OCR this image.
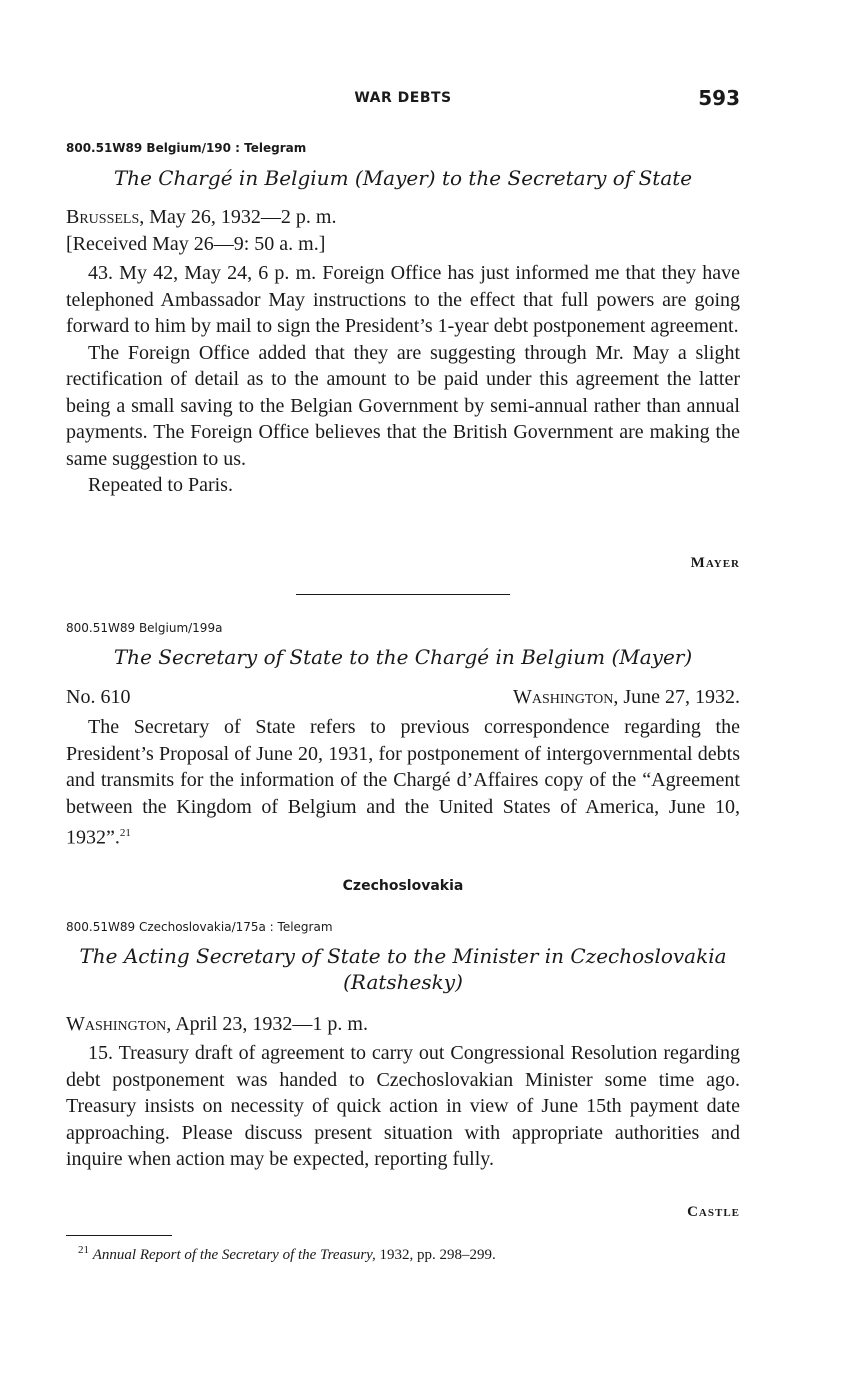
WAR DEBTS	593
800.51W89 Belgium/190 : Telegram
The Chargé in Belgium (Mayer) to the Secretary of State
Brussels, May 26, 1932—2 p. m.
[Received May 26—9: 50 a. m.]

43. My 42, May 24, 6 p. m. Foreign Office has just informed me that they have telephoned Ambassador May instructions to the effect that full powers are going forward to him by mail to sign the President’s 1-year debt postponement agreement.

The Foreign Office added that they are suggesting through Mr. May a slight rectification of detail as to the amount to be paid under this agreement the latter being a small saving to the Belgian Government by semi-annual rather than annual payments. The Foreign Office believes that the British Government are making the same suggestion to us.

Repeated to Paris.

Mayer
800.51W89 Belgium/199a
The Secretary of State to the Chargé in Belgium (Mayer)
No. 610	Washington, June 27, 1932.

The Secretary of State refers to previous correspondence regarding the President’s Proposal of June 20, 1931, for postponement of intergovernmental debts and transmits for the information of the Chargé d’Affaires copy of the “Agreement between the Kingdom of Belgium and the United States of America, June 10, 1932”.$^{21}$

Czechoslovakia
800.51W89 Czechoslovakia/175a : Telegram
The Acting Secretary of State to the Minister in Czechoslovakia
(Ratshesky)
Washington, April 23, 1932—1 p. m.

15. Treasury draft of agreement to carry out Congressional Resolution regarding debt postponement was handed to Czechoslovakian Minister some time ago. Treasury insists on necessity of quick action in view of June 15th payment date approaching. Please discuss present situation with appropriate authorities and inquire when action may be expected, reporting fully.

Castle
$^{21}$ Annual Report of the Secretary of the Treasury, 1932, pp. 298–299.
